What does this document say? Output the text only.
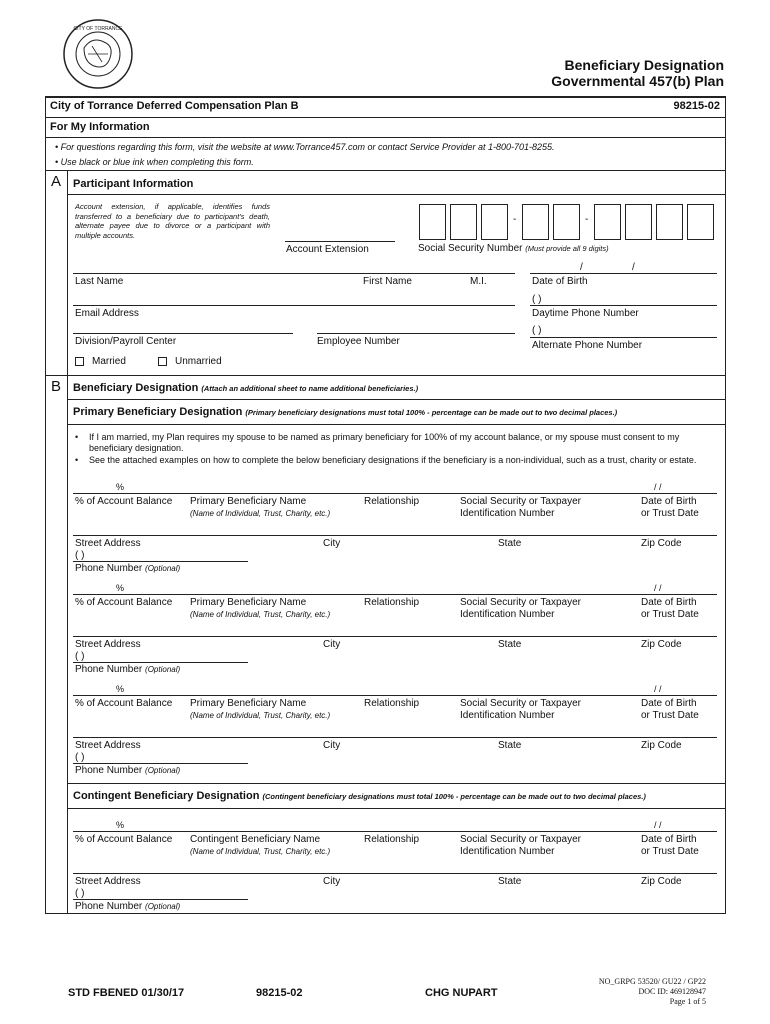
CITY OF TORRANCE
Beneficiary Designation
Governmental 457(b) Plan
City of Torrance Deferred Compensation Plan B	98215-02
For My Information
• For questions regarding this form, visit the website at www.Torrance457.com or contact Service Provider at 1-800-701-8255.
• Use black or blue ink when completing this form.
A Participant Information
Account extension, if applicable, identifies funds transferred to a beneficiary due to participant's death, alternate payee due to divorce or a participant with multiple accounts.
Account Extension
-	-
Social Security Number (Must provide all 9 digits)
/	/
Last Name	First Name	M.I.	Date of Birth
( )
Email Address	Daytime Phone Number
( )
Division/Payroll Center	Employee Number	Alternate Phone Number
Married	Unmarried
B Beneficiary Designation (Attach an additional sheet to name additional beneficiaries.)
Primary Beneficiary Designation (Primary beneficiary designations must total 100% - percentage can be made out to two decimal places.)
• If I am married, my Plan requires my spouse to be named as primary beneficiary for 100% of my account balance, or my spouse must consent to my beneficiary designation.
• See the attached examples on how to complete the below beneficiary designations if the beneficiary is a non-individual, such as a trust, charity or estate.
%	/ /
% of Account Balance Primary Beneficiary Name
(Name of Individual, Trust, Charity, etc.)
Relationship	Social Security or Taxpayer
Identification Number
Date of Birth
or Trust Date
Street Address	City	State	Zip Code
( )
Phone Number (Optional)
%	/ /
% of Account Balance Primary Beneficiary Name
(Name of Individual, Trust, Charity, etc.)
Relationship	Social Security or Taxpayer
Identification Number
Date of Birth
or Trust Date
Street Address	City	State	Zip Code
( )
Phone Number (Optional)
%	/ /
% of Account Balance Primary Beneficiary Name
(Name of Individual, Trust, Charity, etc.)
Relationship	Social Security or Taxpayer
Identification Number
Date of Birth
or Trust Date
Street Address	City	State	Zip Code
( )
Phone Number (Optional)
Contingent Beneficiary Designation (Contingent beneficiary designations must total 100% - percentage can be made out to two decimal places.)
%	/ /
% of Account Balance Contingent Beneficiary Name
(Name of Individual, Trust, Charity, etc.)
Relationship	Social Security or Taxpayer
Identification Number
Date of Birth
or Trust Date
Street Address	City	State	Zip Code
( )
Phone Number (Optional)
STD FBENED 01/30/17	98215-02	CHG NUPART
NO_GRPG 53520/ GU22 / GP22
DOC ID: 469128947
Page 1 of 5
